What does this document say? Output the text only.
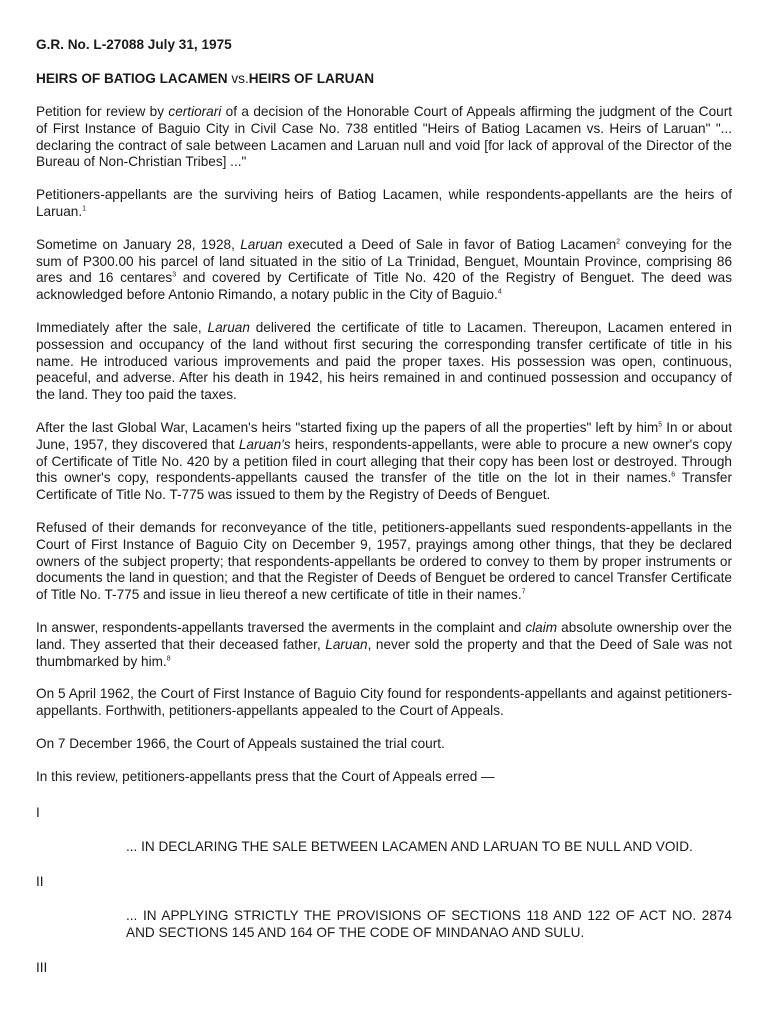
G.R. No. L-27088 July 31, 1975

HEIRS OF BATIOG LACAMEN vs.HEIRS OF LARUAN

Petition for review by certiorari of a decision of the Honorable Court of Appeals affirming the judgment of the Court of First Instance of Baguio City in Civil Case No. 738 entitled "Heirs of Batiog Lacamen vs. Heirs of Laruan" "... declaring the contract of sale between Lacamen and Laruan null and void [for lack of approval of the Director of the Bureau of Non-Christian Tribes] ..."

Petitioners-appellants are the surviving heirs of Batiog Lacamen, while respondents-appellants are the heirs of Laruan.$^1$

Sometime on January 28, 1928, Laruan executed a Deed of Sale in favor of Batiog Lacamen$^2$ conveying for the sum of P300.00 his parcel of land situated in the sitio of La Trinidad, Benguet, Mountain Province, comprising 86 ares and 16 centares$^3$ and covered by Certificate of Title No. 420 of the Registry of Benguet. The deed was acknowledged before Antonio Rimando, a notary public in the City of Baguio.$^4$

Immediately after the sale, Laruan delivered the certificate of title to Lacamen. Thereupon, Lacamen entered in possession and occupancy of the land without first securing the corresponding transfer certificate of title in his name. He introduced various improvements and paid the proper taxes. His possession was open, continuous, peaceful, and adverse. After his death in 1942, his heirs remained in and continued possession and occupancy of the land. They too paid the taxes.

After the last Global War, Lacamen's heirs "started fixing up the papers of all the properties" left by him$^5$ In or about June, 1957, they discovered that Laruan's heirs, respondents-appellants, were able to procure a new owner's copy of Certificate of Title No. 420 by a petition filed in court alleging that their copy has been lost or destroyed. Through this owner's copy, respondents-appellants caused the transfer of the title on the lot in their names.$^6$ Transfer Certificate of Title No. T-775 was issued to them by the Registry of Deeds of Benguet.

Refused of their demands for reconveyance of the title, petitioners-appellants sued respondents-appellants in the Court of First Instance of Baguio City on December 9, 1957, prayings among other things, that they be declared owners of the subject property; that respondents-appellants be ordered to convey to them by proper instruments or documents the land in question; and that the Register of Deeds of Benguet be ordered to cancel Transfer Certificate of Title No. T-775 and issue in lieu thereof a new certificate of title in their names.$^7$

In answer, respondents-appellants traversed the averments in the complaint and claim absolute ownership over the land. They asserted that their deceased father, Laruan, never sold the property and that the Deed of Sale was not thumbmarked by him.$^8$

On 5 April 1962, the Court of First Instance of Baguio City found for respondents-appellants and against petitioners-appellants. Forthwith, petitioners-appellants appealed to the Court of Appeals.

On 7 December 1966, the Court of Appeals sustained the trial court.

In this review, petitioners-appellants press that the Court of Appeals erred —

I

... IN DECLARING THE SALE BETWEEN LACAMEN AND LARUAN TO BE NULL AND VOID.

II

... IN APPLYING STRICTLY THE PROVISIONS OF SECTIONS 118 AND 122 OF ACT NO. 2874 AND SECTIONS 145 AND 164 OF THE CODE OF MINDANAO AND SULU.

III
